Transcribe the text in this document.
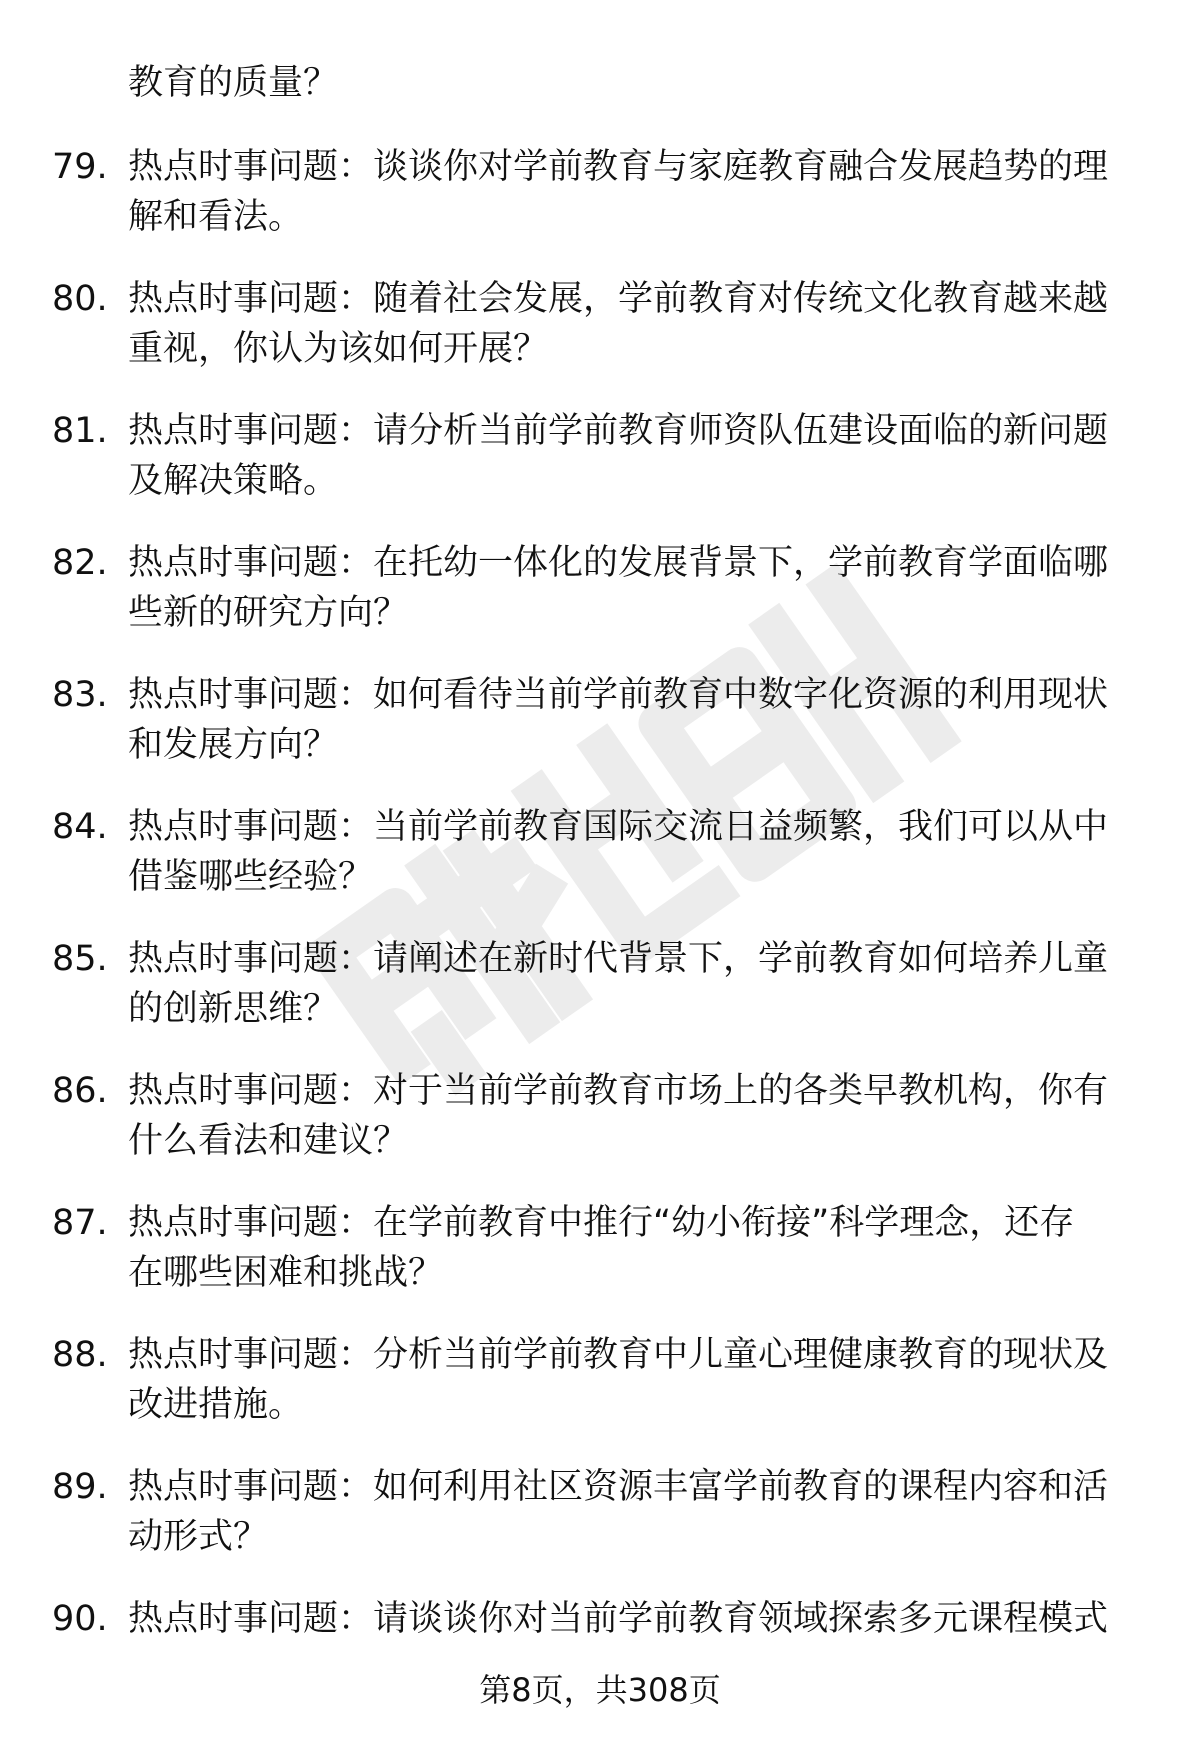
教育的质量？
79. 热点时事问题：谈谈你对学前教育与家庭教育融合发展趋势的理
解和看法。
80. 热点时事问题：随着社会发展，学前教育对传统文化教育越来越
重视，你认为该如何开展？
81. 热点时事问题：请分析当前学前教育师资队伍建设面临的新问题
及解决策略。
82. 热点时事问题：在托幼一体化的发展背景下，学前教育学面临哪
些新的研究方向？
83. 热点时事问题：如何看待当前学前教育中数字化资源的利用现状
和发展方向？
84. 热点时事问题：当前学前教育国际交流日益频繁，我们可以从中
借鉴哪些经验？
85. 热点时事问题：请阐述在新时代背景下，学前教育如何培养儿童
的创新思维？
86. 热点时事问题：对于当前学前教育市场上的各类早教机构，你有
什么看法和建议？
87. 热点时事问题：在学前教育中推行“幼小衔接”科学理念，还存
在哪些困难和挑战？
88. 热点时事问题：分析当前学前教育中儿童心理健康教育的现状及
改进措施。
89. 热点时事问题：如何利用社区资源丰富学前教育的课程内容和活
动形式？
90. 热点时事问题：请谈谈你对当前学前教育领域探索多元课程模式
第8页，共308页
